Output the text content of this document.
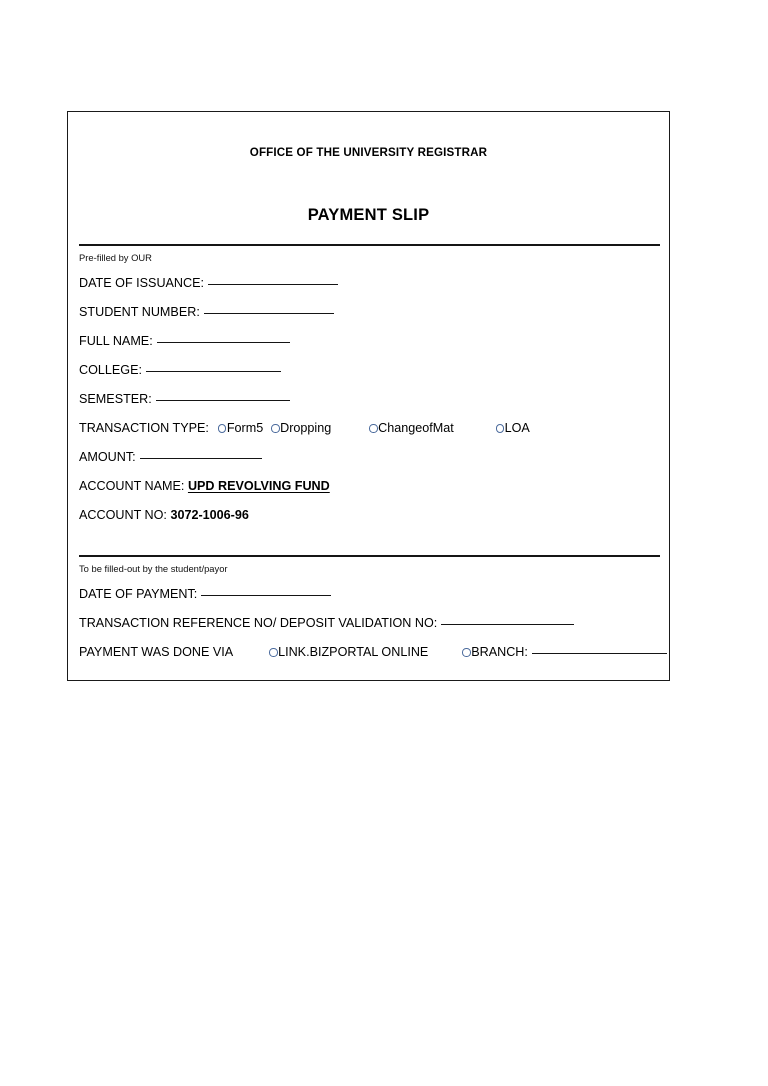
OFFICE OF THE UNIVERSITY REGISTRAR
PAYMENT SLIP
Pre-filled by OUR
DATE OF ISSUANCE:
STUDENT NUMBER:
FULL NAME:
COLLEGE:
SEMESTER:
TRANSACTION TYPE: Form5 Dropping	ChangeofMat	LOA
AMOUNT:
ACCOUNT NAME: UPD REVOLVING FUND
ACCOUNT NO: 3072-1006-96
To be filled-out by the student/payor
DATE OF PAYMENT:
TRANSACTION REFERENCE NO/ DEPOSIT VALIDATION NO:
PAYMENT WAS DONE VIA	LINK.BIZPORTAL ONLINE	BRANCH:
